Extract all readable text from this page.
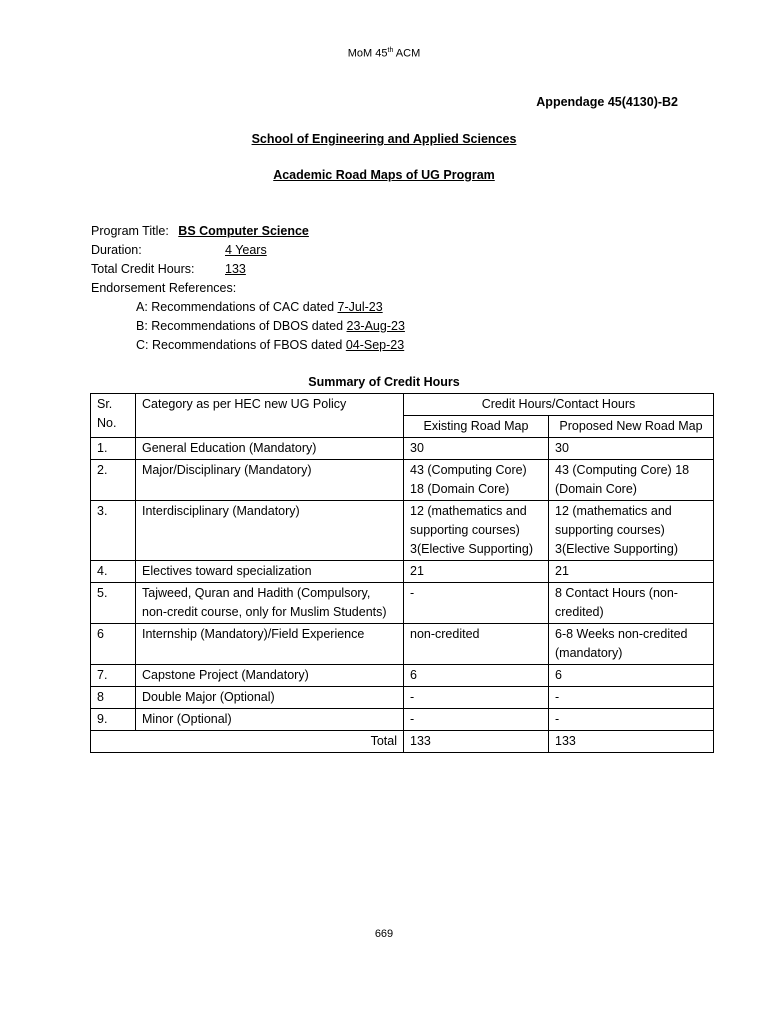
MoM 45th ACM
Appendage 45(4130)-B2
School of Engineering and Applied Sciences
Academic Road Maps of UG Program
Program Title: BS Computer Science
Duration:	4 Years
Total Credit Hours: 133
Endorsement References:
A: Recommendations of CAC dated 7-Jul-23
B: Recommendations of DBOS dated 23-Aug-23
C: Recommendations of FBOS dated 04-Sep-23
Summary of Credit Hours
Sr. No.	Category as per HEC new UG Policy	Credit Hours/Contact Hours	
		Existing Road Map	Proposed New Road Map
1.	General Education (Mandatory)	30	30
2.	Major/Disciplinary (Mandatory)	43 (Computing Core) 18 (Domain Core)	43 (Computing Core) 18 (Domain Core)
3.	Interdisciplinary (Mandatory)	12 (mathematics and supporting courses) 3(Elective Supporting)	12 (mathematics and supporting courses) 3(Elective Supporting)
4.	Electives toward specialization	21	21
5.	Tajweed, Quran and Hadith (Compulsory, non-credit course, only for Muslim Students)	-	8 Contact Hours (non-credited)
6	Internship (Mandatory)/Field Experience	non-credited	6-8 Weeks non-credited (mandatory)
7.	Capstone Project (Mandatory)	6	6
8	Double Major (Optional)	-	-
9.	Minor (Optional)	-	-
Total		133	133
669
